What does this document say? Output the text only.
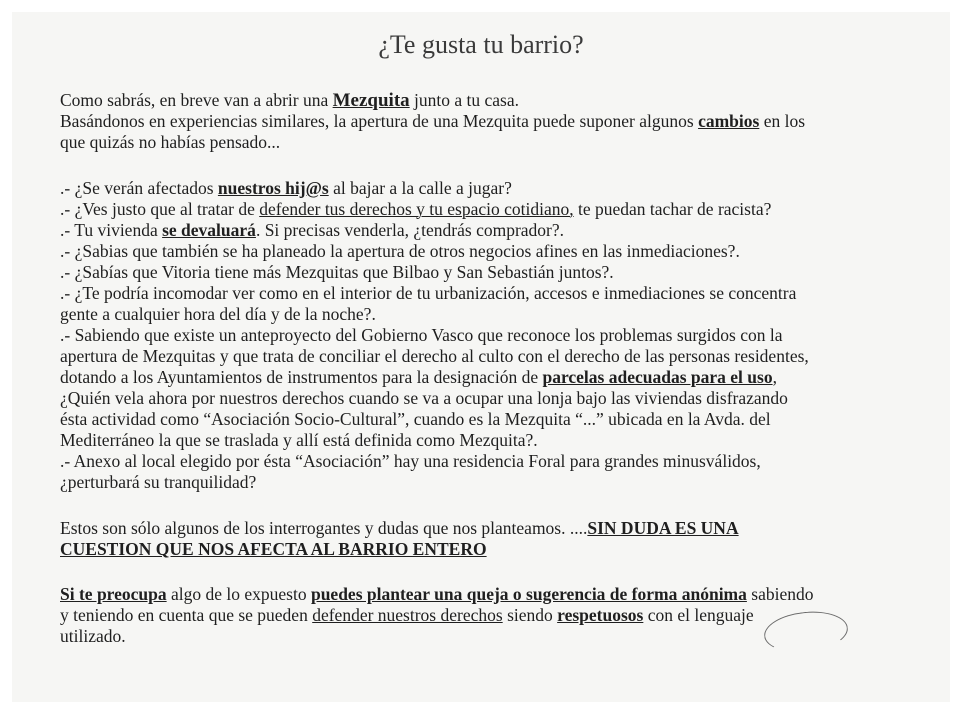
¿Te gusta tu barrio?
Como sabrás, en breve van a abrir una Mezquita junto a tu casa.
Basándonos en experiencias similares, la apertura de una Mezquita puede suponer algunos cambios en los
que quizás no habías pensado...
.- ¿Se verán afectados nuestros hij@s al bajar a la calle a jugar?
.- ¿Ves justo que al tratar de defender tus derechos y tu espacio cotidiano, te puedan tachar de racista?
.- Tu vivienda se devaluará. Si precisas venderla, ¿tendrás comprador?.
.- ¿Sabias que también se ha planeado la apertura de otros negocios afines en las inmediaciones?.
.- ¿Sabías que Vitoria tiene más Mezquitas que Bilbao y San Sebastián juntos?.
.- ¿Te podría incomodar ver como en el interior de tu urbanización, accesos e inmediaciones se concentra
gente a cualquier hora del día y de la noche?.
.- Sabiendo que existe un anteproyecto del Gobierno Vasco que reconoce los problemas surgidos con la
apertura de Mezquitas y que trata de conciliar el derecho al culto con el derecho de las personas residentes,
dotando a los Ayuntamientos de instrumentos para la designación de parcelas adecuadas para el uso,
¿Quién vela ahora por nuestros derechos cuando se va a ocupar una lonja bajo las viviendas disfrazando
ésta actividad como “Asociación Socio-Cultural”, cuando es la Mezquita “...” ubicada en la Avda. del
Mediterráneo la que se traslada y allí está definida como Mezquita?.
.- Anexo al local elegido por ésta “Asociación” hay una residencia Foral para grandes minusválidos,
¿perturbará su tranquilidad?
Estos son sólo algunos de los interrogantes y dudas que nos planteamos. ....SIN DUDA ES UNA
CUESTION QUE NOS AFECTA AL BARRIO ENTERO
Si te preocupa algo de lo expuesto puedes plantear una queja o sugerencia de forma anónima sabiendo
y teniendo en cuenta que se pueden defender nuestros derechos siendo respetuosos con el lenguaje
utilizado.
